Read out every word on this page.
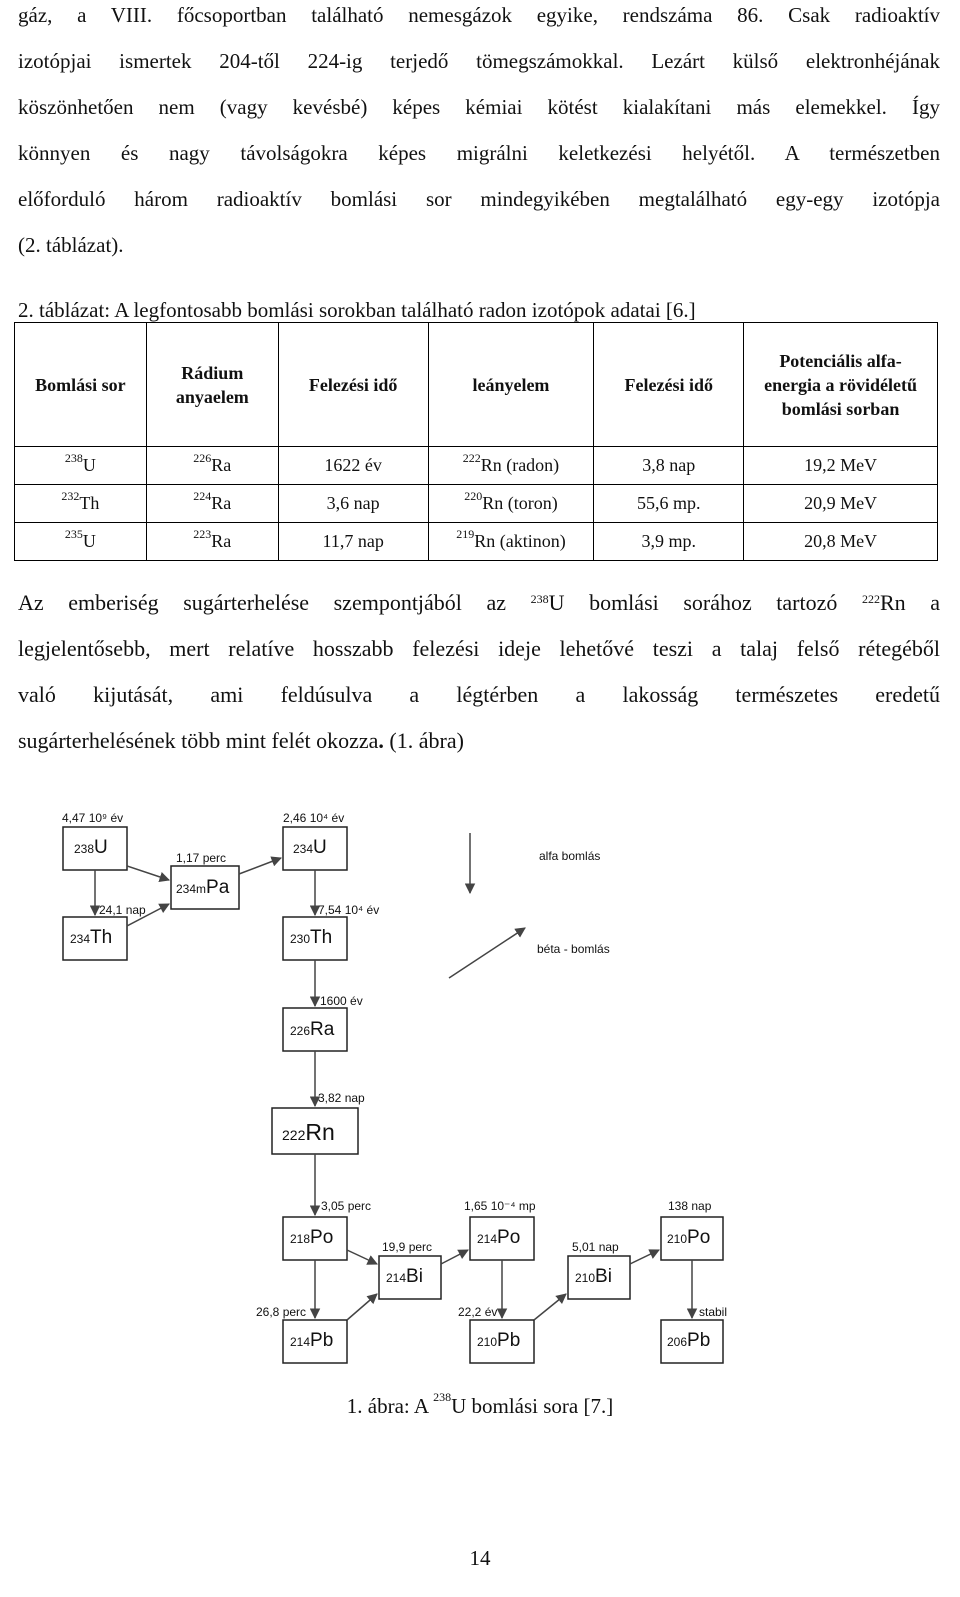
gáz, a VIII. főcsoportban található nemesgázok egyike, rendszáma 86. Csak radioaktív
izotópjai ismertek 204-től 224-ig terjedő tömegszámokkal. Lezárt külső elektronhéjának
köszönhetően nem (vagy kevésbé) képes kémiai kötést kialakítani más elemekkel. Így
könnyen és nagy távolságokra képes migrálni keletkezési helyétől. A természetben
előforduló három radioaktív bomlási sor mindegyikében megtalálható egy-egy izotópja
(2. táblázat).
2. táblázat: A legfontosabb bomlási sorokban található radon izotópok adatai [6.]
Bomlási sor	Rádium anyaelem	Felezési idő	leányelem	Felezési idő	Potenciális alfa-energia a rövidéletű bomlási sorban
$^{238}$U	$^{226}$Ra	1622 év	$^{222}$Rn (radon)	3,8 nap	19,2 MeV
$^{232}$Th	$^{224}$Ra	3,6 nap	$^{220}$Rn (toron)	55,6 mp.	20,9 MeV
$^{235}$U	$^{223}$Ra	11,7 nap	$^{219}$Rn (aktinon)	3,9 mp.	20,8 MeV
Az emberiség sugárterhelése szempontjából az $^{238}$U bomlási sorához tartozó $^{222}$Rn a
legjelentősebb, mert relatíve hosszabb felezési ideje lehetővé teszi a talaj felső rétegéből
való kijutását, ami feldúsulva a légtérben a lakosság természetes eredetű
sugárterhelésének több mint felét okozza. (1. ábra)
238U
234mPa
234Th
234U
230Th
226Ra
222Rn
218Po
214Bi
214Pb
214Po
210Pb
210Bi
210Po
206Pb
4,47 10⁹ év	2,46 10⁴ év
1,17 perc
24,1 nap	7,54 10⁴ év
1600 év
3,82 nap
3,05 perc	1,65 10⁻⁴ mp	138 nap
19,9 perc	5,01 nap
26,8 perc	22,2 év	stabil
alfa bomlás
béta - bomlás
1. ábra: A $^{238}$U bomlási sora [7.]
14
